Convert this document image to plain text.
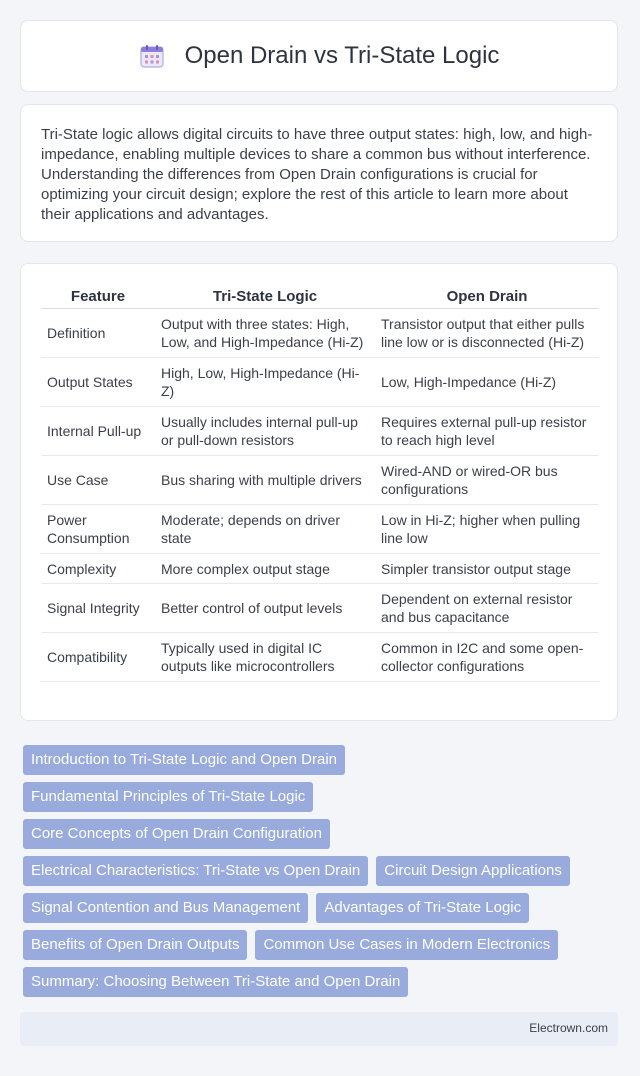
Open Drain vs Tri-State Logic

Tri-State logic allows digital circuits to have three output states: high, low, and high-impedance, enabling multiple devices to share a common bus without interference. Understanding the differences from Open Drain configurations is crucial for optimizing your circuit design; explore the rest of this article to learn more about their applications and advantages.

Feature	Tri-State Logic	Open Drain
Definition	Output with three states: High, Low, and High-Impedance (Hi-Z)	Transistor output that either pulls line low or is disconnected (Hi-Z)
Output States	High, Low, High-Impedance (Hi-Z)	Low, High-Impedance (Hi-Z)
Internal Pull-up	Usually includes internal pull-up or pull-down resistors	Requires external pull-up resistor to reach high level
Use Case	Bus sharing with multiple drivers	Wired-AND or wired-OR bus configurations
Power Consumption	Moderate; depends on driver state	Low in Hi-Z; higher when pulling line low
Complexity	More complex output stage	Simpler transistor output stage
Signal Integrity	Better control of output levels	Dependent on external resistor and bus capacitance
Compatibility	Typically used in digital IC outputs like microcontrollers	Common in I2C and some open-collector configurations
Introduction to Tri-State Logic and Open Drain
Fundamental Principles of Tri-State Logic
Core Concepts of Open Drain Configuration
Electrical Characteristics: Tri-State vs Open Drain	Circuit Design Applications
Signal Contention and Bus Management	Advantages of Tri-State Logic
Benefits of Open Drain Outputs	Common Use Cases in Modern Electronics
Summary: Choosing Between Tri-State and Open Drain
Electrown.com
